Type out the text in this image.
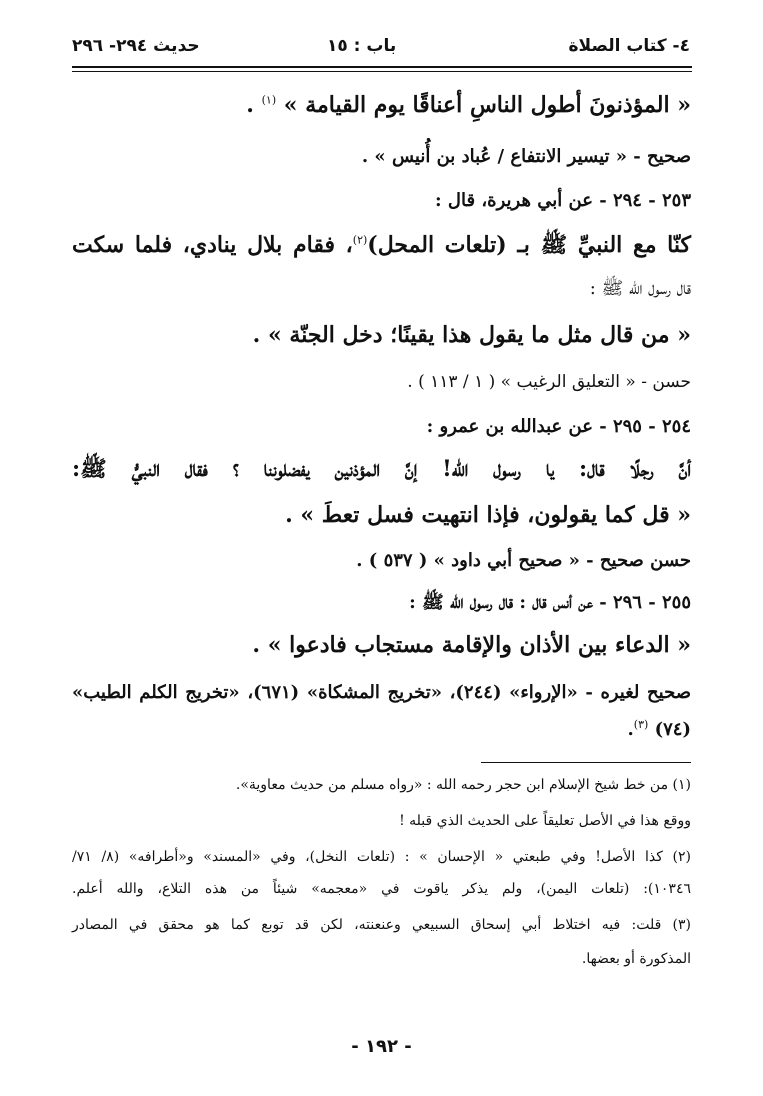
٤- كتاب الصلاة
باب : ١٥
حديث ٢٩٤- ٢٩٦
« المؤذنونَ أطول الناسِ أعناقًا يوم القيامة » $^{(١)}$ .
صحيح - « تيسير الانتفاع / عُباد بن أُنيس » .
٢٥٣ - ٢٩٤ - عن أبي هريرة، قال :
كنّا مع النبيِّ ﷺ بـ (تلعات المحل)$^{(٢)}$، فقام بلال ينادي، فلما سكت
قال رسول الله ﷺ :
« من قال مثل ما يقول هذا يقينًا؛ دخل الجنّة » .
حسن - « التعليق الرغيب » ( ١ / ١١٣ ) .
٢٥٤ - ٢٩٥ - عن عبدالله بن عمرو :
أنَّ رجلًا قال: يا رسول الله! إنَّ المؤذنين يفضلوننا ؟ فقال النبيُّ ﷺ:
« قل كما يقولون، فإذا انتهيت فسل تعطَ » .
حسن صحيح - « صحيح أبي داود » ( ٥٣٧ ) .
٢٥٥ - ٢٩٦ - عن أنس قال : قال رسول الله ﷺ :
« الدعاء بين الأذان والإقامة مستجاب فادعوا » .
صحيح لغيره - «الإرواء» (٢٤٤)، «تخريج المشكاة» (٦٧١)، «تخريج الكلم الطيب»
(٧٤) $^{(٣)}$.
(١) من خط شيخ الإسلام ابن حجر رحمه الله : «رواه مسلم من حديث معاوية».
ووقع هذا في الأصل تعليقاً على الحديث الذي قبله !
(٢) كذا الأصل! وفي طبعتي « الإحسان » : (تلعات النخل)، وفي «المسند» و«أطرافه» (٨/ ٧١/
١٠٣٤٦): (تلعات اليمن)، ولم يذكر ياقوت في «معجمه» شيئاً من هذه التلاع، والله أعلم.
(٣) قلت: فيه اختلاط أبي إسحاق السبيعي وعنعنته، لكن قد توبع كما هو محقق في المصادر
المذكورة أو بعضها.
- ١٩٢ -
